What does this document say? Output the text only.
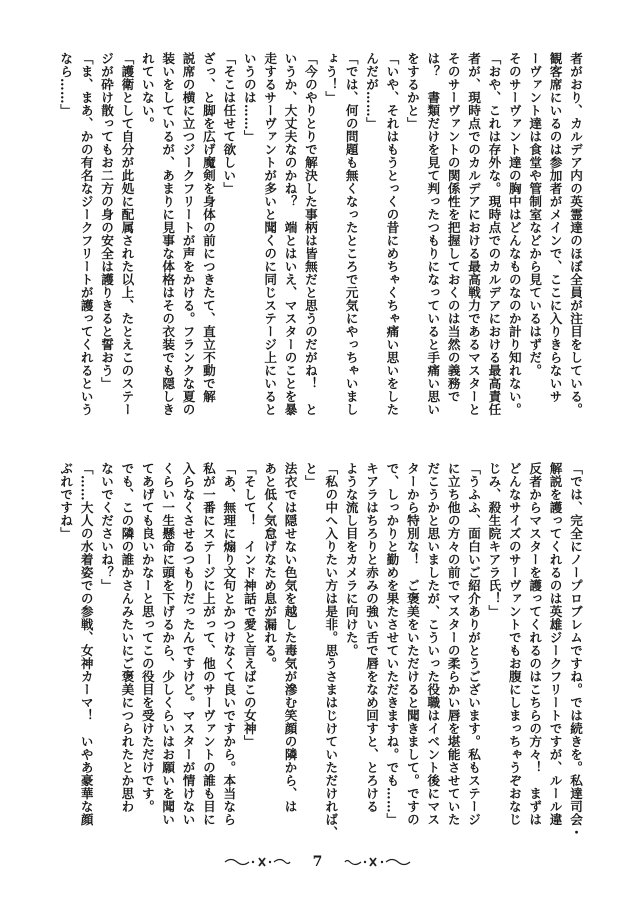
者がおり、カルデア内の英霊達のほぼ全員が注目をしている。
観客席にいるのは参加者がメインで、ここに入りきらないサ
ーヴァント達は食堂や管制室などから見ているはずだ。
そのサーヴァント達の胸中はどんなものなのか計り知れない。
「おや、これは存外な。現時点でのカルデアにおける最高責任
者が、現時点でのカルデアにおける最高戦力であるマスターと
そのサーヴァントの関係性を把握しておくのは当然の義務で
は？　書類だけを見て判ったつもりになっていると手痛い思い
をするかと」
「いや、それはもうとっくの昔にめちゃくちゃ痛い思いをした
んだが……」
「では、何の問題も無くなったところで元気にやっちゃいまし
ょう！」
「今のやりとりで解決した事柄は皆無だと思うのだがね！　と
いうか、大丈夫なのかね？　端とはいえ、マスターのことを暴
走するサーヴァントが多いと聞くのに同じステージ上にいると
いうのは……」
「そこは任せて欲しい」
ざっ、と脚を広げ魔剣を身体の前につきたて、直立不動で解
説席の横に立つジークフリートが声をかける。フランクな夏の
装いをしているが、あまりに見事な体格はその衣装でも隠しき
れていない。
「護衛として自分が此処に配属された以上、たとえこのステー
ジが砕け散ってもお二方の身の安全は護りきると誓おう」
「ま、まあ、かの有名なジークフリートが護ってくれるという
なら……」
「では、完全にノープロブレムですね。では続きを。私達司会・
解説を護ってくれるのは英雄ジークフリートですが、ルール違
反者からマスターを護ってくれるのはこちらの方々！　まずは
どんなサイズのサーヴァントでもお腹にしまっちゃうぞおなじ
じみ、殺生院キアラ氏！」
「うふふ、面白いご紹介ありがとうございます。私もステージ
に立ち他の方々の前でマスターの柔らかい唇を堪能させていた
だこうかと思いましたが、こういった役職はイベント後にマス
ターから特別な！　ご褒美をいただけると聞きまして。ですの
で、しっかりと勤めを果たさせていただきますね。でも……」
キアラはちろりと赤みの強い舌で唇をなめ回すと、とろける
ような流し目をカメラに向けた。
「私の中へ入りたい方は是非。思うさまはじけていただければ、
と」
法衣では隠せない色気を越した毒気が滲む笑顔の隣から、は
あと低く気怠げなため息が漏れる。
「そして！　インド神話で愛と言えばこの女神」
「あ、無理に煽り文句とかつけなくて良いですから。本当なら
私が一番にステージに上がって、他のサーヴァントの誰も目に
入らなくさせるつもりだったんですけど。マスターが情けない
くらい一生懸命に頭を下げるから、少しくらいはお願いを聞い
てあげても良いかなーと思ってこの役目を受けただけです。
でも、この隣の誰かさんみたいにご褒美につられたとか思わ
ないでくださいね？」
「……大人の水着姿での参戦、女神カーマ！　いやあ豪華な顔
ぶれですね」
7
